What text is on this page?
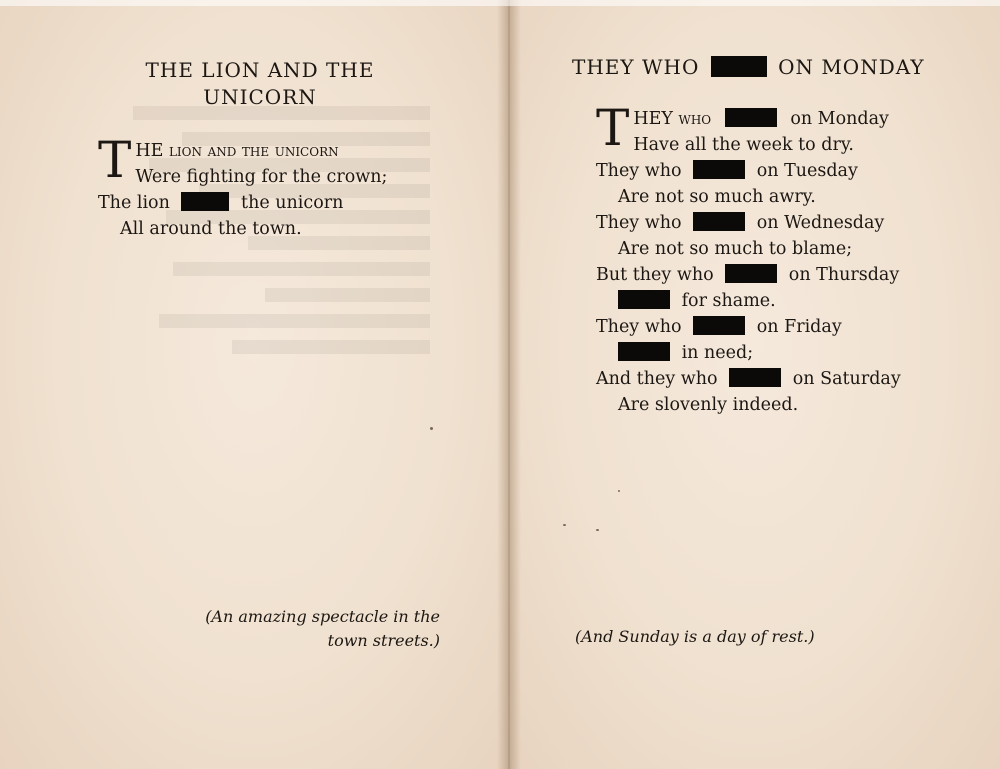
THE LION AND THE
UNICORN
T HE lion and the unicorn
Were fighting for the crown;
The lion	the unicorn
All around the town.
(An amazing spectacle in the
town streets.)
THEY WHO	ON MONDAY
T HEY who	on Monday
Have all the week to dry.
They who	on Tuesday
Are not so much awry.
They who	on Wednesday
Are not so much to blame;
But they who	on Thursday
for shame.
They who	on Friday
in need;
And they who	on Saturday
Are slovenly indeed.
(And Sunday is a day of rest.)
